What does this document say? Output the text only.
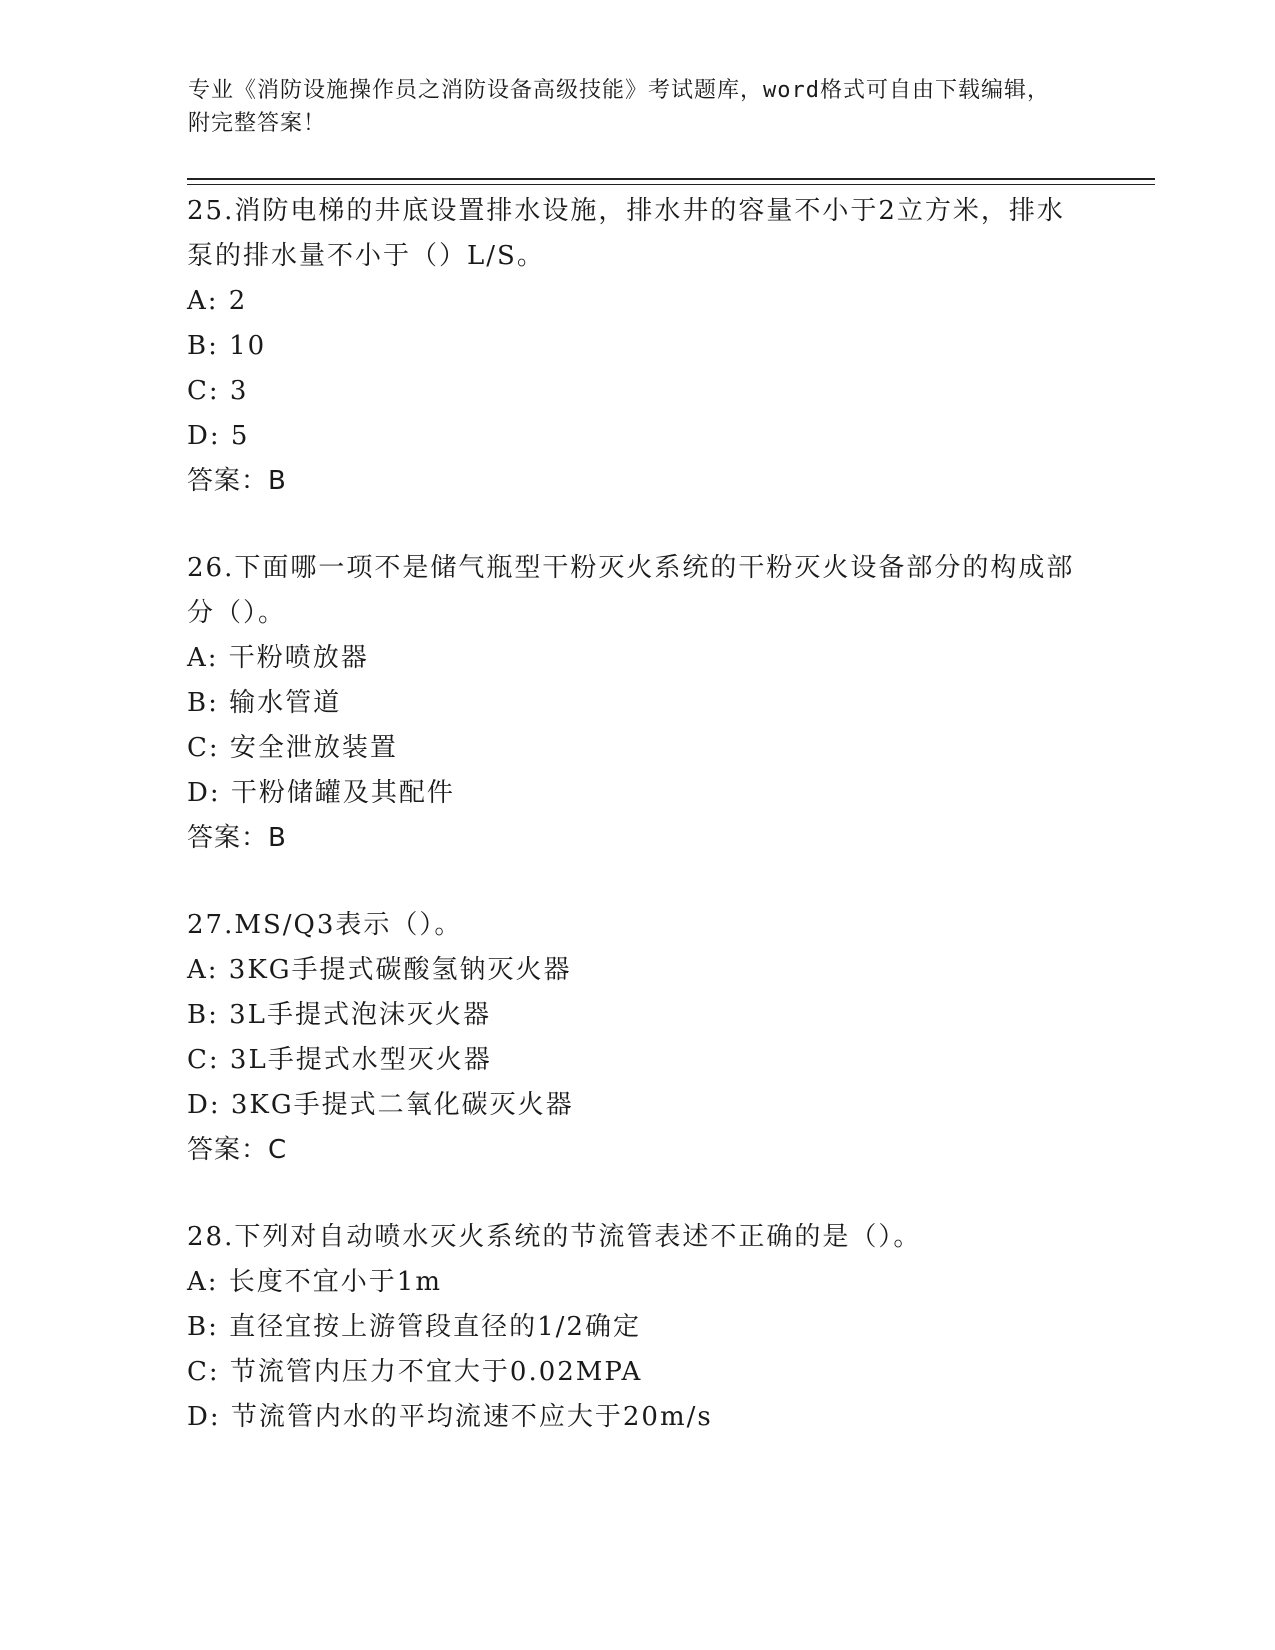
专业《消防设施操作员之消防设备高级技能》考试题库，word格式可自由下载编辑，附完整答案！
25.消防电梯的井底设置排水设施，排水井的容量不小于2立方米，排水泵的排水量不小于（）L/S。
A: 2
B: 10
C: 3
D: 5
答案：B
26.下面哪一项不是储气瓶型干粉灭火系统的干粉灭火设备部分的构成部分（）。
A: 干粉喷放器
B: 输水管道
C: 安全泄放装置
D: 干粉储罐及其配件
答案：B
27.MS/Q3表示（）。
A: 3KG手提式碳酸氢钠灭火器
B: 3L手提式泡沫灭火器
C: 3L手提式水型灭火器
D: 3KG手提式二氧化碳灭火器
答案：C
28.下列对自动喷水灭火系统的节流管表述不正确的是（）。
A: 长度不宜小于1m
B: 直径宜按上游管段直径的1/2确定
C: 节流管内压力不宜大于0.02MPA
D: 节流管内水的平均流速不应大于20m/s
